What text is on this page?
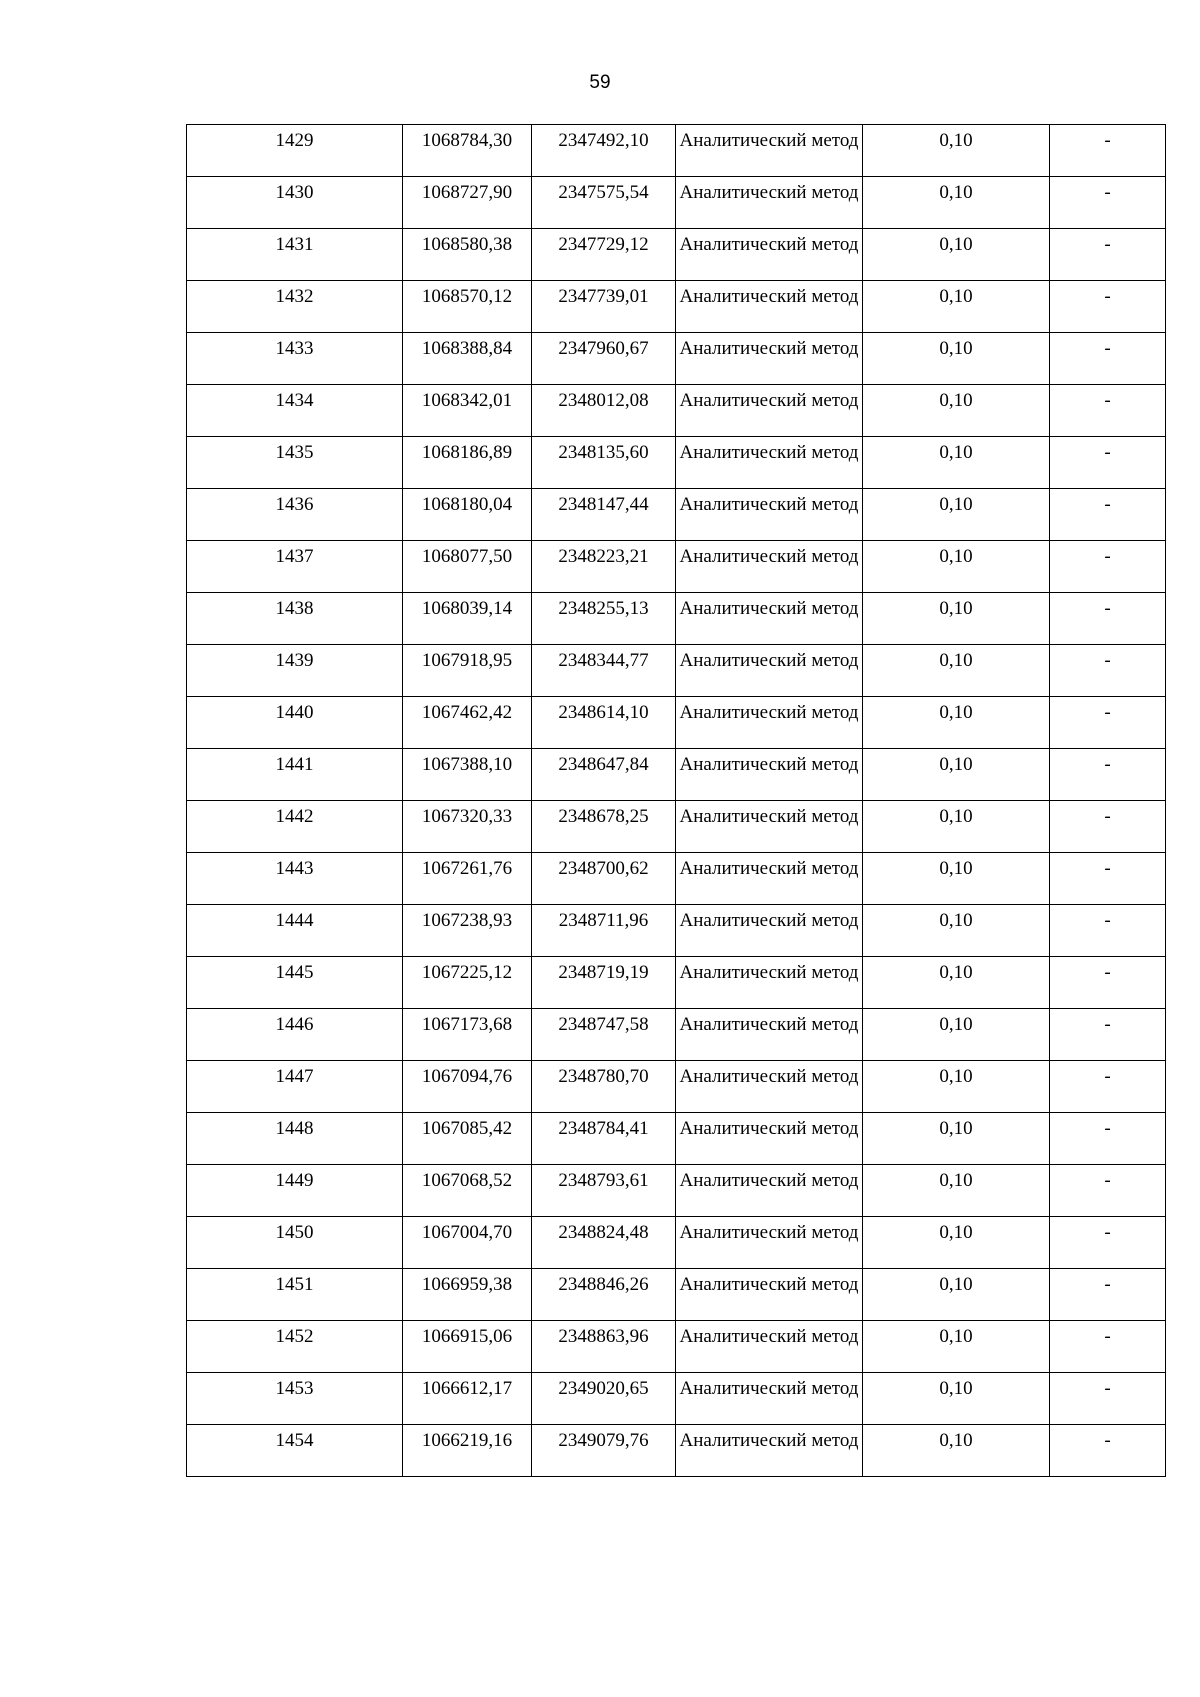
59
1429	1068784,30	2347492,10	Аналитический метод	0,10	-
1430	1068727,90	2347575,54	Аналитический метод	0,10	-
1431	1068580,38	2347729,12	Аналитический метод	0,10	-
1432	1068570,12	2347739,01	Аналитический метод	0,10	-
1433	1068388,84	2347960,67	Аналитический метод	0,10	-
1434	1068342,01	2348012,08	Аналитический метод	0,10	-
1435	1068186,89	2348135,60	Аналитический метод	0,10	-
1436	1068180,04	2348147,44	Аналитический метод	0,10	-
1437	1068077,50	2348223,21	Аналитический метод	0,10	-
1438	1068039,14	2348255,13	Аналитический метод	0,10	-
1439	1067918,95	2348344,77	Аналитический метод	0,10	-
1440	1067462,42	2348614,10	Аналитический метод	0,10	-
1441	1067388,10	2348647,84	Аналитический метод	0,10	-
1442	1067320,33	2348678,25	Аналитический метод	0,10	-
1443	1067261,76	2348700,62	Аналитический метод	0,10	-
1444	1067238,93	2348711,96	Аналитический метод	0,10	-
1445	1067225,12	2348719,19	Аналитический метод	0,10	-
1446	1067173,68	2348747,58	Аналитический метод	0,10	-
1447	1067094,76	2348780,70	Аналитический метод	0,10	-
1448	1067085,42	2348784,41	Аналитический метод	0,10	-
1449	1067068,52	2348793,61	Аналитический метод	0,10	-
1450	1067004,70	2348824,48	Аналитический метод	0,10	-
1451	1066959,38	2348846,26	Аналитический метод	0,10	-
1452	1066915,06	2348863,96	Аналитический метод	0,10	-
1453	1066612,17	2349020,65	Аналитический метод	0,10	-
1454	1066219,16	2349079,76	Аналитический метод	0,10	-
